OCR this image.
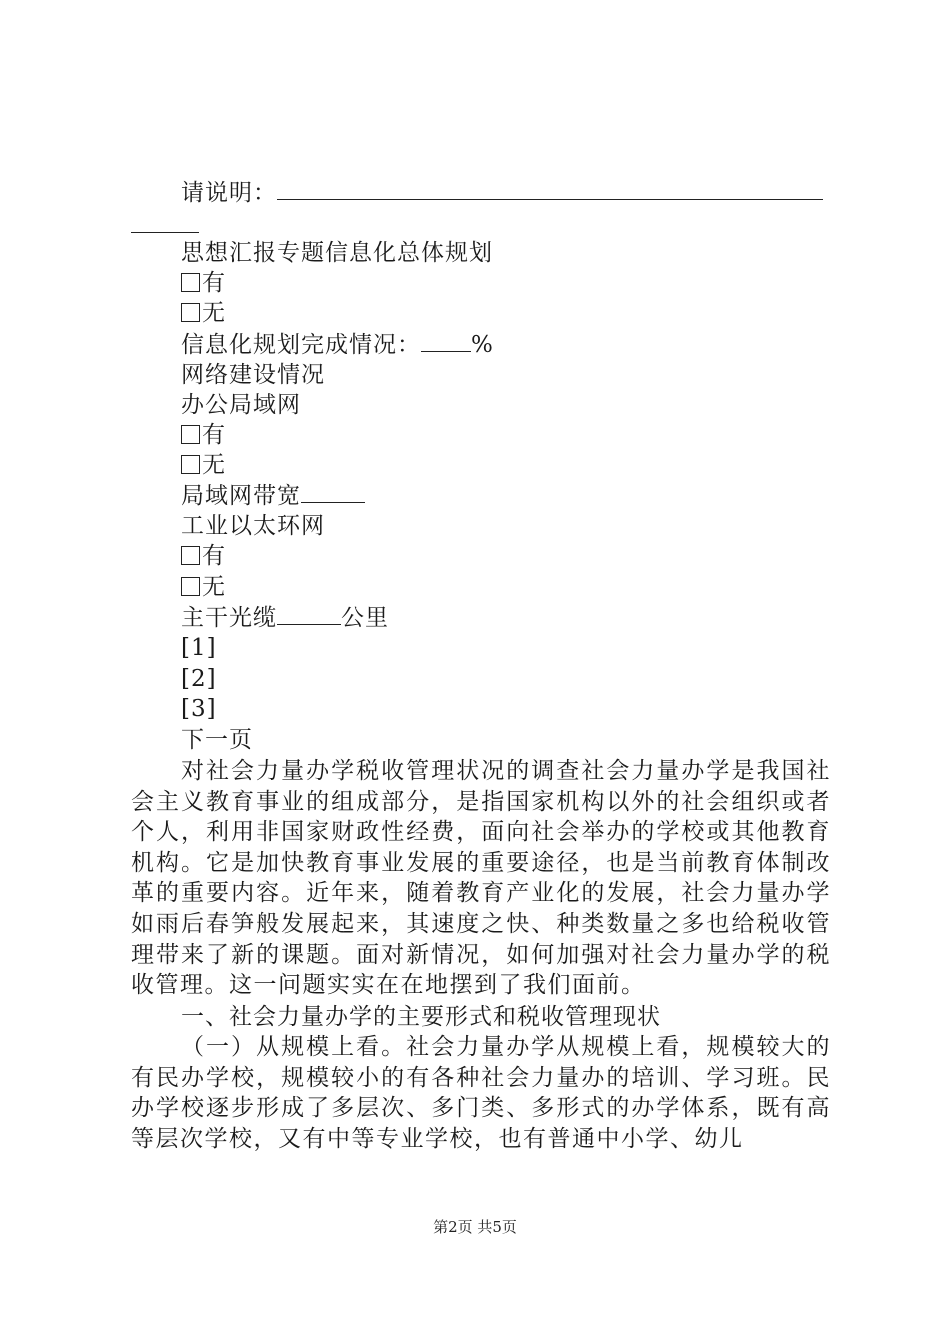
请说明：
思想汇报专题信息化总体规划
有
无
信息化规划完成情况： %
网络建设情况
办公局域网
有
无
局域网带宽
工业以太环网
有
无
主干光缆	公里
[1]
[2]
[3]
下一页
对社会力量办学税收管理状况的调查社会力量办学是我国社会主义教育事业的组成部分，是指国家机构以外的社会组织或者个人，利用非国家财政性经费，面向社会举办的学校或其他教育机构。它是加快教育事业发展的重要途径，也是当前教育体制改革的重要内容。近年来，随着教育产业化的发展，社会力量办学如雨后春笋般发展起来，其速度之快、种类数量之多也给税收管理带来了新的课题。面对新情况，如何加强对社会力量办学的税收管理。这一问题实实在在地摆到了我们面前。
一、社会力量办学的主要形式和税收管理现状
（一）从规模上看。社会力量办学从规模上看，规模较大的有民办学校，规模较小的有各种社会力量办的培训、学习班。民办学校逐步形成了多层次、多门类、多形式的办学体系，既有高等层次学校，又有中等专业学校，也有普通中小学、幼儿
第2页 共5页
